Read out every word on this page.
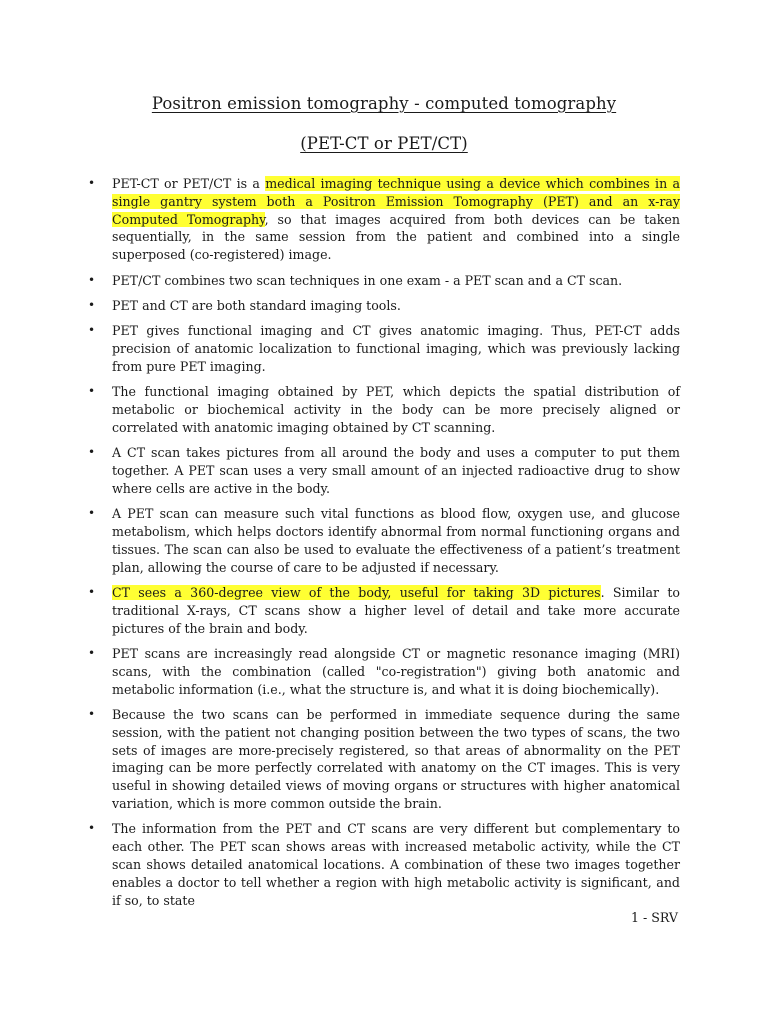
Positron emission tomography - computed tomography
(PET-CT or PET/CT)
• PET-CT or PET/CT is a medical imaging technique using a device which combines in a single gantry system both a Positron Emission Tomography (PET) and an x-ray Computed Tomography, so that images acquired from both devices can be taken sequentially, in the same session from the patient and combined into a single superposed (co-registered) image.
• PET/CT combines two scan techniques in one exam - a PET scan and a CT scan.
• PET and CT are both standard imaging tools.
• PET gives functional imaging and CT gives anatomic imaging. Thus, PET-CT adds precision of anatomic localization to functional imaging, which was previously lacking from pure PET imaging.
• The functional imaging obtained by PET, which depicts the spatial distribution of metabolic or biochemical activity in the body can be more precisely aligned or correlated with anatomic imaging obtained by CT scanning.
• A CT scan takes pictures from all around the body and uses a computer to put them together. A PET scan uses a very small amount of an injected radioactive drug to show where cells are active in the body.
• A PET scan can measure such vital functions as blood flow, oxygen use, and glucose metabolism, which helps doctors identify abnormal from normal functioning organs and tissues. The scan can also be used to evaluate the effectiveness of a patient’s treatment plan, allowing the course of care to be adjusted if necessary.
• CT sees a 360-degree view of the body, useful for taking 3D pictures. Similar to traditional X-rays, CT scans show a higher level of detail and take more accurate pictures of the brain and body.
• PET scans are increasingly read alongside CT or magnetic resonance imaging (MRI) scans, with the combination (called "co-registration") giving both anatomic and metabolic information (i.e., what the structure is, and what it is doing biochemically).
• Because the two scans can be performed in immediate sequence during the same session, with the patient not changing position between the two types of scans, the two sets of images are more-precisely registered, so that areas of abnormality on the PET imaging can be more perfectly correlated with anatomy on the CT images. This is very useful in showing detailed views of moving organs or structures with higher anatomical variation, which is more common outside the brain.
• The information from the PET and CT scans are very different but complementary to each other. The PET scan shows areas with increased metabolic activity, while the CT scan shows detailed anatomical locations. A combination of these two images together enables a doctor to tell whether a region with high metabolic activity is significant, and if so, to state
1 - SRV
